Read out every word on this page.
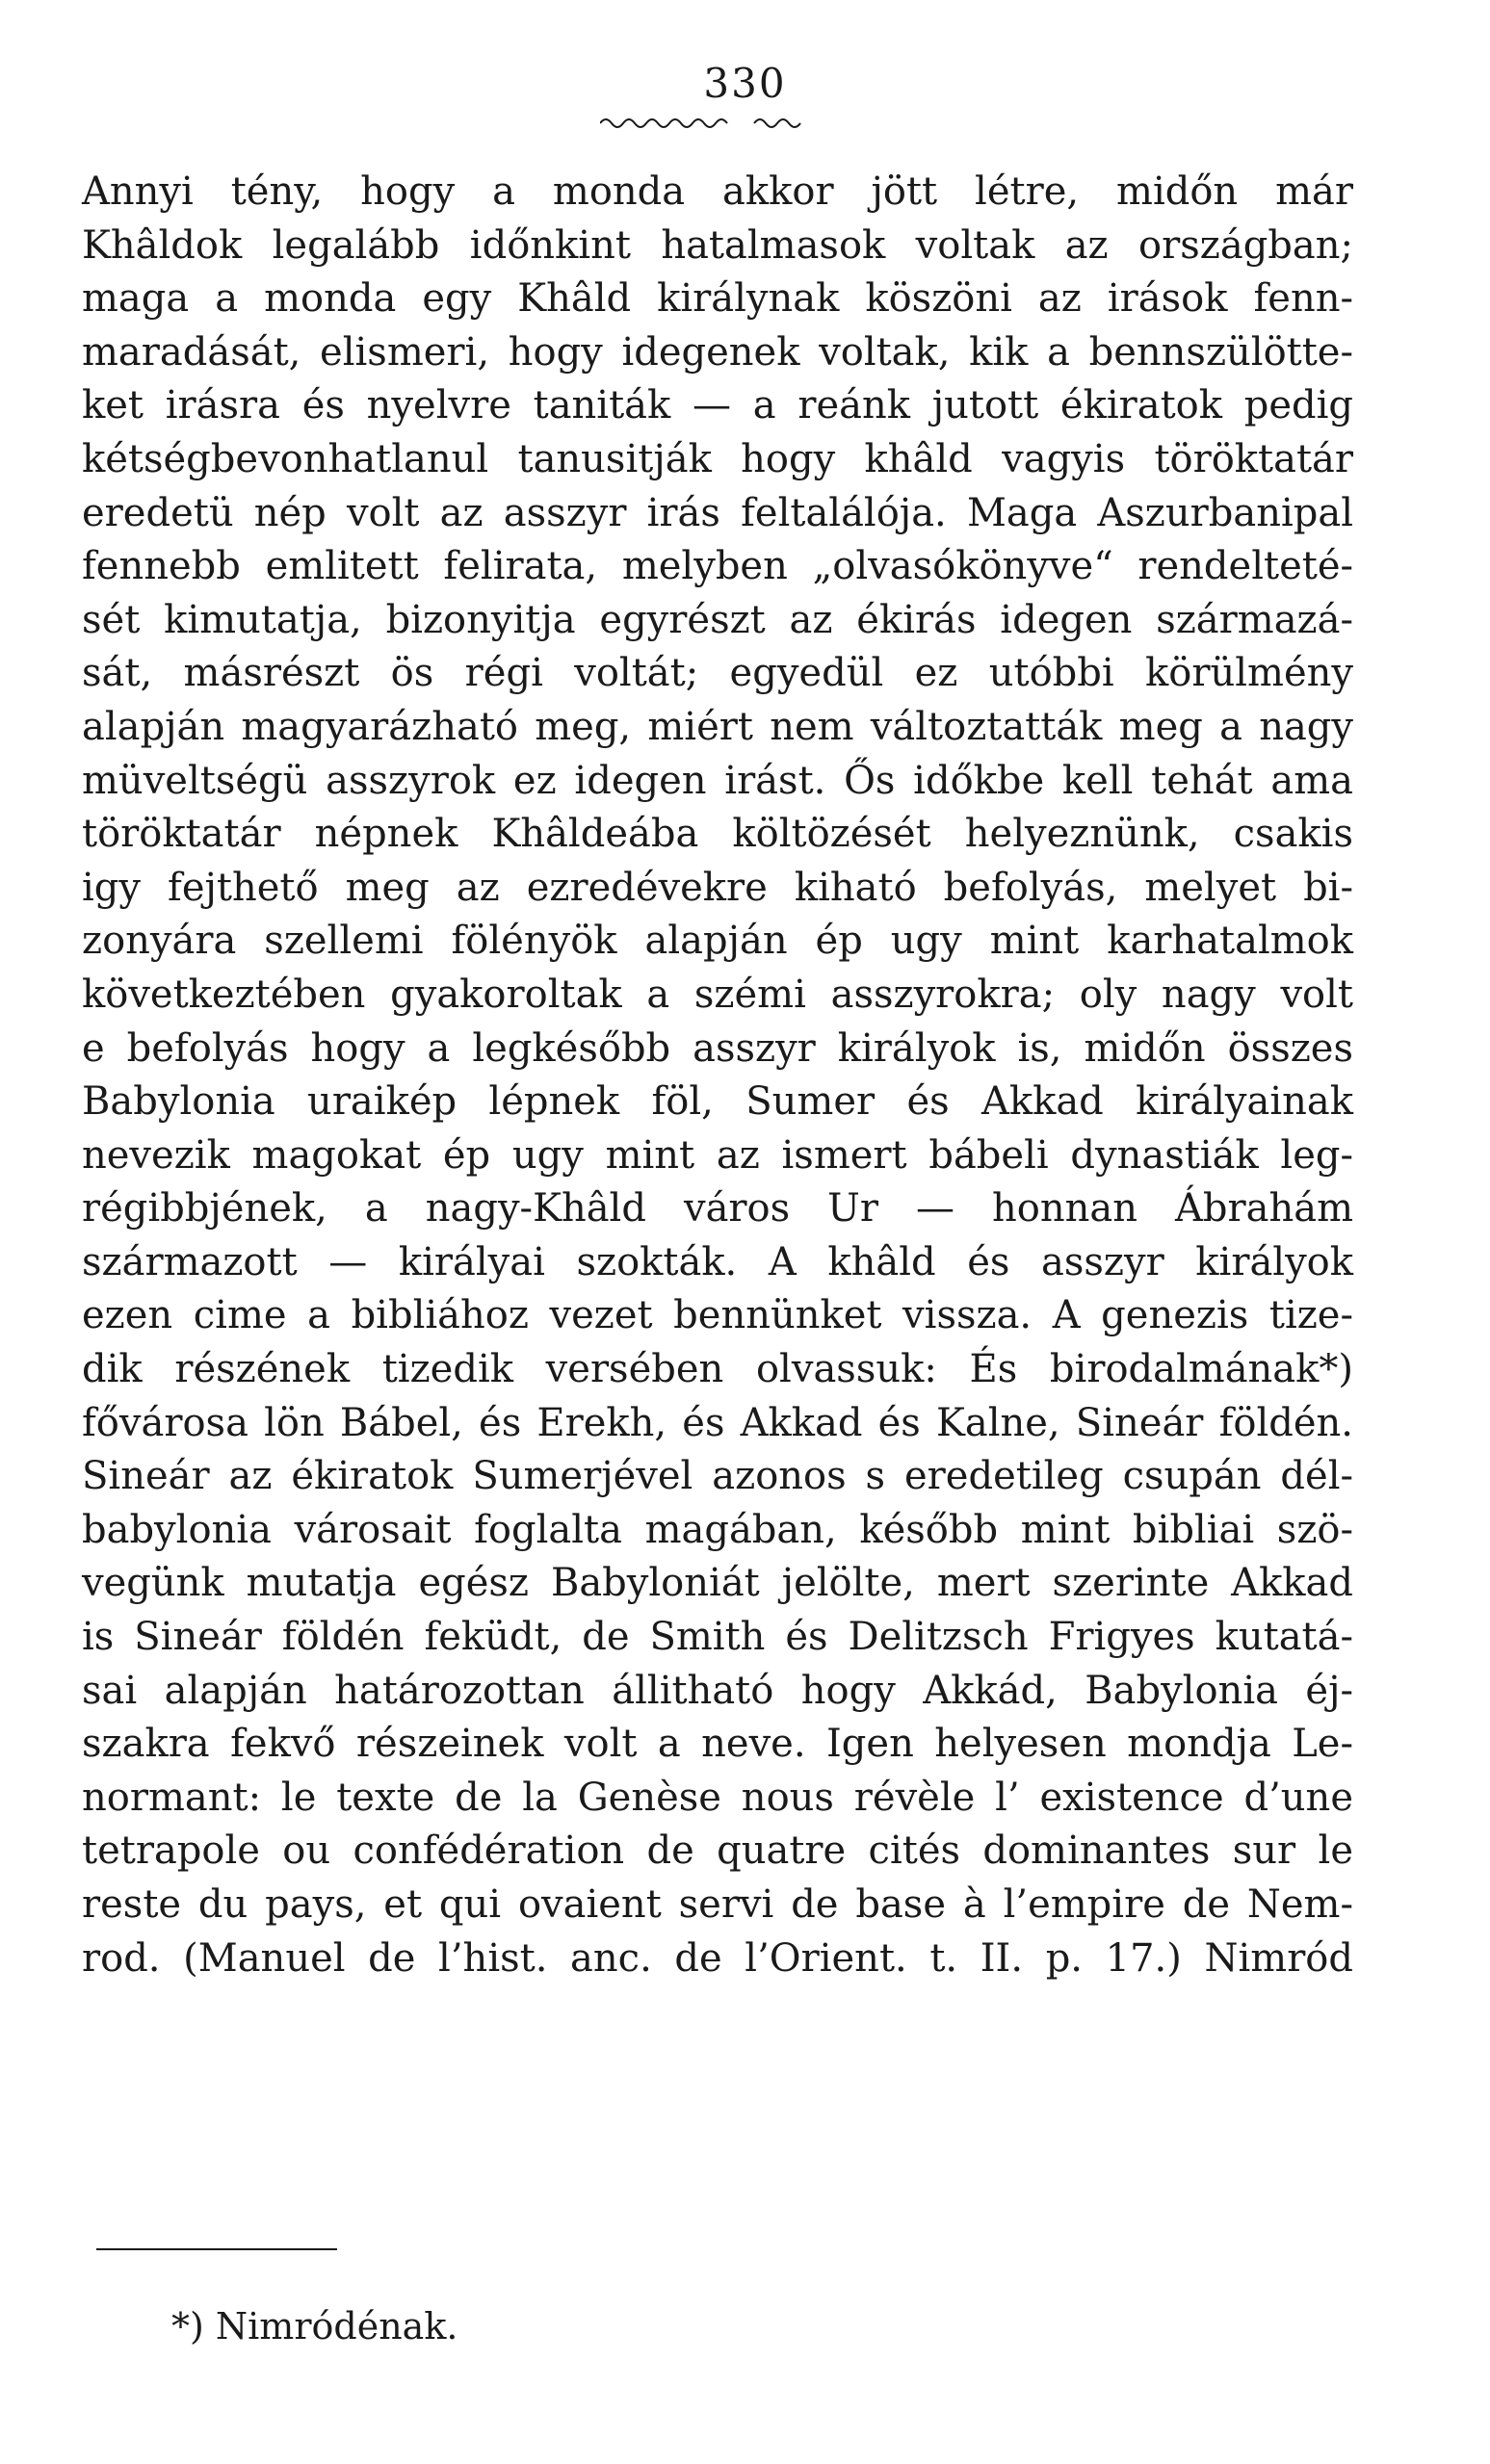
330
Annyi tény, hogy a monda akkor jött létre, midőn már
Khâldok legalább időnkint hatalmasok voltak az országban;
maga a monda egy Khâld királynak köszöni az irások fenn-
maradását, elismeri, hogy idegenek voltak, kik a bennszülötte-
ket irásra és nyelvre taniták — a reánk jutott ékiratok pedig
kétségbevonhatlanul tanusitják hogy khâld vagyis töröktatár
eredetü nép volt az asszyr irás feltalálója. Maga Aszurbanipal
fennebb emlitett felirata, melyben „olvasókönyve“ rendelteté-
sét kimutatja, bizonyitja egyrészt az ékirás idegen származá-
sát, másrészt ös régi voltát; egyedül ez utóbbi körülmény
alapján magyarázható meg, miért nem változtatták meg a nagy
müveltségü asszyrok ez idegen irást. Ős időkbe kell tehát ama
töröktatár népnek Khâldeába költözését helyeznünk, csakis
igy fejthető meg az ezredévekre kiható befolyás, melyet bi-
zonyára szellemi fölényök alapján ép ugy mint karhatalmok
következtében gyakoroltak a szémi asszyrokra; oly nagy volt
e befolyás hogy a legkésőbb asszyr királyok is, midőn összes
Babylonia uraikép lépnek föl, Sumer és Akkad királyainak
nevezik magokat ép ugy mint az ismert bábeli dynastiák leg-
régibbjének, a nagy-Khâld város Ur — honnan Ábrahám
származott — királyai szokták. A khâld és asszyr királyok
ezen cime a bibliához vezet bennünket vissza. A genezis tize-
dik részének tizedik versében olvassuk: És birodalmának*)
fővárosa lön Bábel, és Erekh, és Akkad és Kalne, Sineár földén.
Sineár az ékiratok Sumerjével azonos s eredetileg csupán dél-
babylonia városait foglalta magában, később mint bibliai szö-
vegünk mutatja egész Babyloniát jelölte, mert szerinte Akkad
is Sineár földén feküdt, de Smith és Delitzsch Frigyes kutatá-
sai alapján határozottan állitható hogy Akkád, Babylonia éj-
szakra fekvő részeinek volt a neve. Igen helyesen mondja Le-
normant: le texte de la Genèse nous révèle l’ existence d’une
tetrapole ou confédération de quatre cités dominantes sur le
reste du pays, et qui ovaient servi de base à l’empire de Nem-
rod. (Manuel de l’hist. anc. de l’Orient. t. II. p. 17.) Nimród
*) Nimródénak.
